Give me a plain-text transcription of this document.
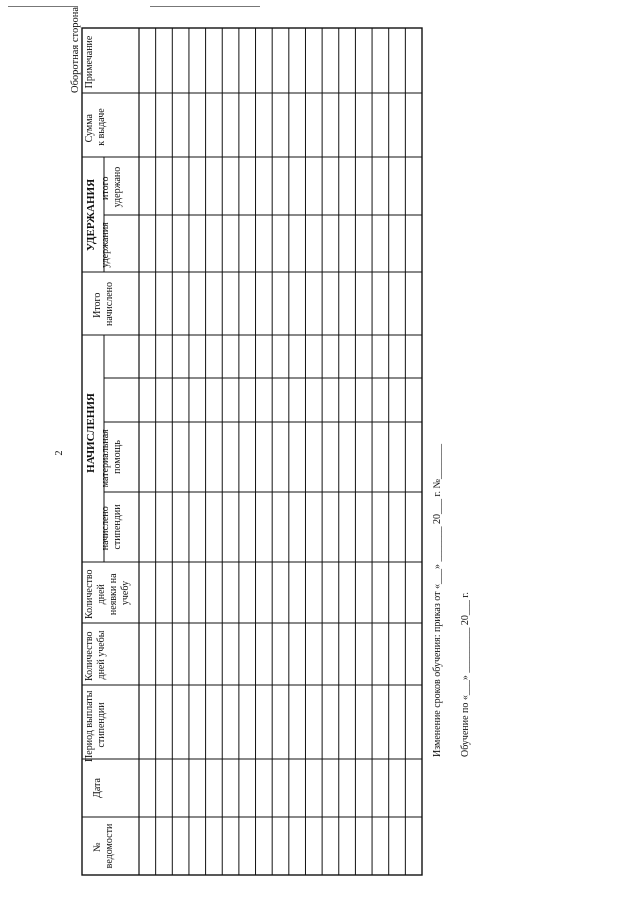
2
Оборотная сторона
№ ведомости
Дата
Период выплаты стипендии
Количество дней учебы
Количество дней неявки на учебу
НАЧИСЛЕНИЯ
начислено стипендии
материальная помощь
Итого начислено
УДЕРЖАНИЯ удержания
итого удержано
Сумма к выдаче
Примечание
Изменение сроков обучения: приказ от «___» _______ 20___ г. №_______ Обучение по «___» _________ 20___ г.
